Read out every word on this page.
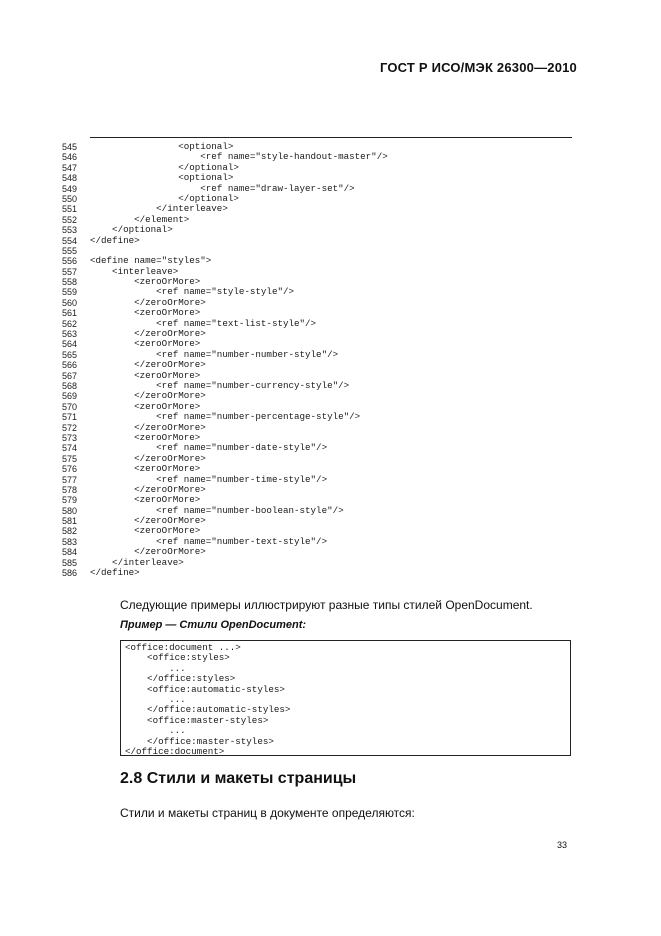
ГОСТ Р ИСО/МЭК 26300—2010
545	<optional>
546	<ref name="style-handout-master"/>
547	</optional>
548	<optional>
549	<ref name="draw-layer-set"/>
550	</optional>
551	</interleave>
552	</element>
553	</optional>
554	</define>
555
556	<define name="styles">
557	<interleave>
558	<zeroOrMore>
559	<ref name="style-style"/>
560	</zeroOrMore>
561	<zeroOrMore>
562	<ref name="text-list-style"/>
563	</zeroOrMore>
564	<zeroOrMore>
565	<ref name="number-number-style"/>
566	</zeroOrMore>
567	<zeroOrMore>
568	<ref name="number-currency-style"/>
569	</zeroOrMore>
570	<zeroOrMore>
571	<ref name="number-percentage-style"/>
572	</zeroOrMore>
573	<zeroOrMore>
574	<ref name="number-date-style"/>
575	</zeroOrMore>
576	<zeroOrMore>
577	<ref name="number-time-style"/>
578	</zeroOrMore>
579	<zeroOrMore>
580	<ref name="number-boolean-style"/>
581	</zeroOrMore>
582	<zeroOrMore>
583	<ref name="number-text-style"/>
584	</zeroOrMore>
585	</interleave>
586	</define>
Следующие примеры иллюстрируют разные типы стилей OpenDocument.
Пример — Стили OpenDocument:
<office:document ...>
<office:styles>
...
</office:styles>
<office:automatic-styles>
...
</office:automatic-styles>
<office:master-styles>
...
</office:master-styles>
</office:document>
2.8 Стили и макеты страницы
Стили и макеты страниц в документе определяются:
33
